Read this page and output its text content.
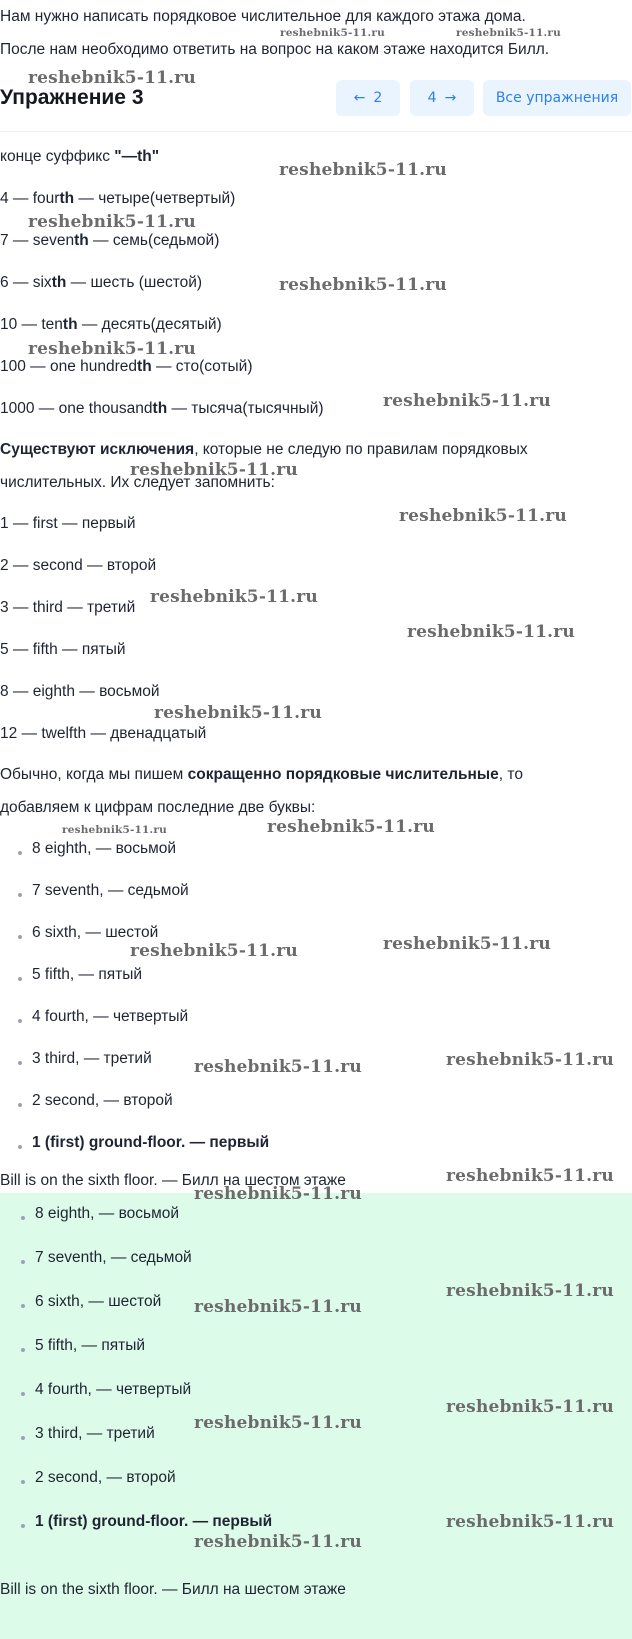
Нам нужно написать порядковое числительное для каждого этажа дома.
После нам необходимо ответить на вопрос на каком этаже находится Билл.
Упражнение 3	← 2	4 →	Все упражнения
конце суффикс "—th"
4 — fourth — четыре(четвертый)
7 — seventh — семь(седьмой)
6 — sixth — шесть (шестой)
10 — tenth — десять(десятый)
100 — one hundredth — сто(сотый)
1000 — one thousandth — тысяча(тысячный)
Существуют исключения, которые не следую по правилам порядковых
числительных. Их следует запомнить:
1 — first — первый
2 — second — второй
3 — third — третий
5 — fifth — пятый
8 — eighth — восьмой
12 — twelfth — двенадцатый
Обычно, когда мы пишем сокращенно порядковые числительные, то
добавляем к цифрам последние две буквы:
8 eighth, — восьмой
7 seventh, — седьмой
6 sixth, — шестой
5 fifth, — пятый
4 fourth, — четвертый
3 third, — третий
2 second, — второй
1 (first) ground-floor. — первый
Bill is on the sixth floor. — Билл на шестом этаже
8 eighth, — восьмой
7 seventh, — седьмой
6 sixth, — шестой
5 fifth, — пятый
4 fourth, — четвертый
3 third, — третий
2 second, — второй
1 (first) ground-floor. — первый
Bill is on the sixth floor. — Билл на шестом этаже
reshebnik5-11.ru	reshebnik5-11.ru
reshebnik5-11.ru
reshebnik5-11.ru
reshebnik5-11.ru
reshebnik5-11.ru
reshebnik5-11.ru
reshebnik5-11.ru
reshebnik5-11.ru
reshebnik5-11.ru
reshebnik5-11.ru
reshebnik5-11.ru
reshebnik5-11.ru
reshebnik5-11.ru	reshebnik5-11.ru
reshebnik5-11.ru	reshebnik5-11.ru
reshebnik5-11.ru	reshebnik5-11.ru
reshebnik5-11.ru
reshebnik5-11.ru
reshebnik5-11.ru
reshebnik5-11.ru
reshebnik5-11.ru
reshebnik5-11.ru
reshebnik5-11.ru
reshebnik5-11.ru
